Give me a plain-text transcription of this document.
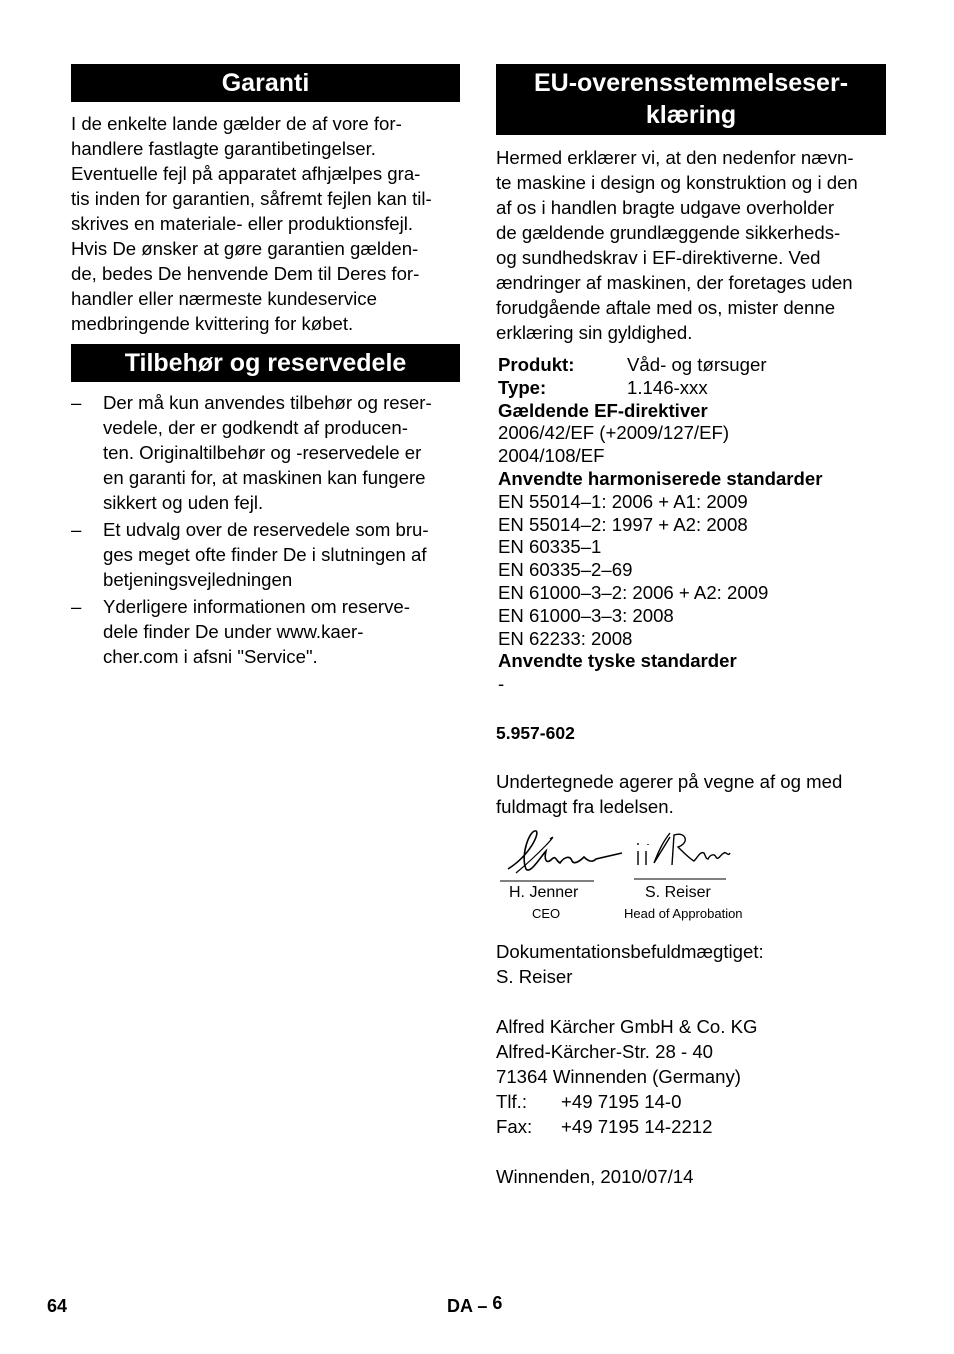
Garanti
I de enkelte lande gælder de af vore for-
handlere fastlagte garantibetingelser.
Eventuelle fejl på apparatet afhjælpes gra-
tis inden for garantien, såfremt fejlen kan til-
skrives en materiale- eller produktionsfejl.
Hvis De ønsker at gøre garantien gælden-
de, bedes De henvende Dem til Deres for-
handler eller nærmeste kundeservice
medbringende kvittering for købet.
Tilbehør og reservedele
– Der må kun anvendes tilbehør og reser-
vedele, der er godkendt af producen-
ten. Originaltilbehør og -reservedele er
en garanti for, at maskinen kan fungere
sikkert og uden fejl.
– Et udvalg over de reservedele som bru-
ges meget ofte finder De i slutningen af
betjeningsvejledningen
– Yderligere informationen om reserve-
dele finder De under www.kaer-
cher.com i afsni "Service".
EU-overensstemmelseser-
klæring
Hermed erklærer vi, at den nedenfor nævn-
te maskine i design og konstruktion og i den
af os i handlen bragte udgave overholder
de gældende grundlæggende sikkerheds-
og sundhedskrav i EF-direktiverne. Ved
ændringer af maskinen, der foretages uden
forudgående aftale med os, mister denne
erklæring sin gyldighed.
Produkt:	Våd- og tørsuger
Type:	1.146-xxx
Gældende EF-direktiver
2006/42/EF (+2009/127/EF)
2004/108/EF
Anvendte harmoniserede standarder
EN 55014–1: 2006 + A1: 2009
EN 55014–2: 1997 + A2: 2008
EN 60335–1
EN 60335–2–69
EN 61000–3–2: 2006 + A2: 2009
EN 61000–3–3: 2008
EN 62233: 2008
Anvendte tyske standarder
-
5.957-602
Undertegnede agerer på vegne af og med
fuldmagt fra ledelsen.
H. Jenner
CEO
S. Reiser
Head of Approbation
Dokumentationsbefuldmægtiget:
S. Reiser
Alfred Kärcher GmbH & Co. KG
Alfred-Kärcher-Str. 28 - 40
71364 Winnenden (Germany)
Tlf.:	+49 7195 14-0
Fax:	+49 7195 14-2212
Winnenden, 2010/07/14
64	DA – 6
